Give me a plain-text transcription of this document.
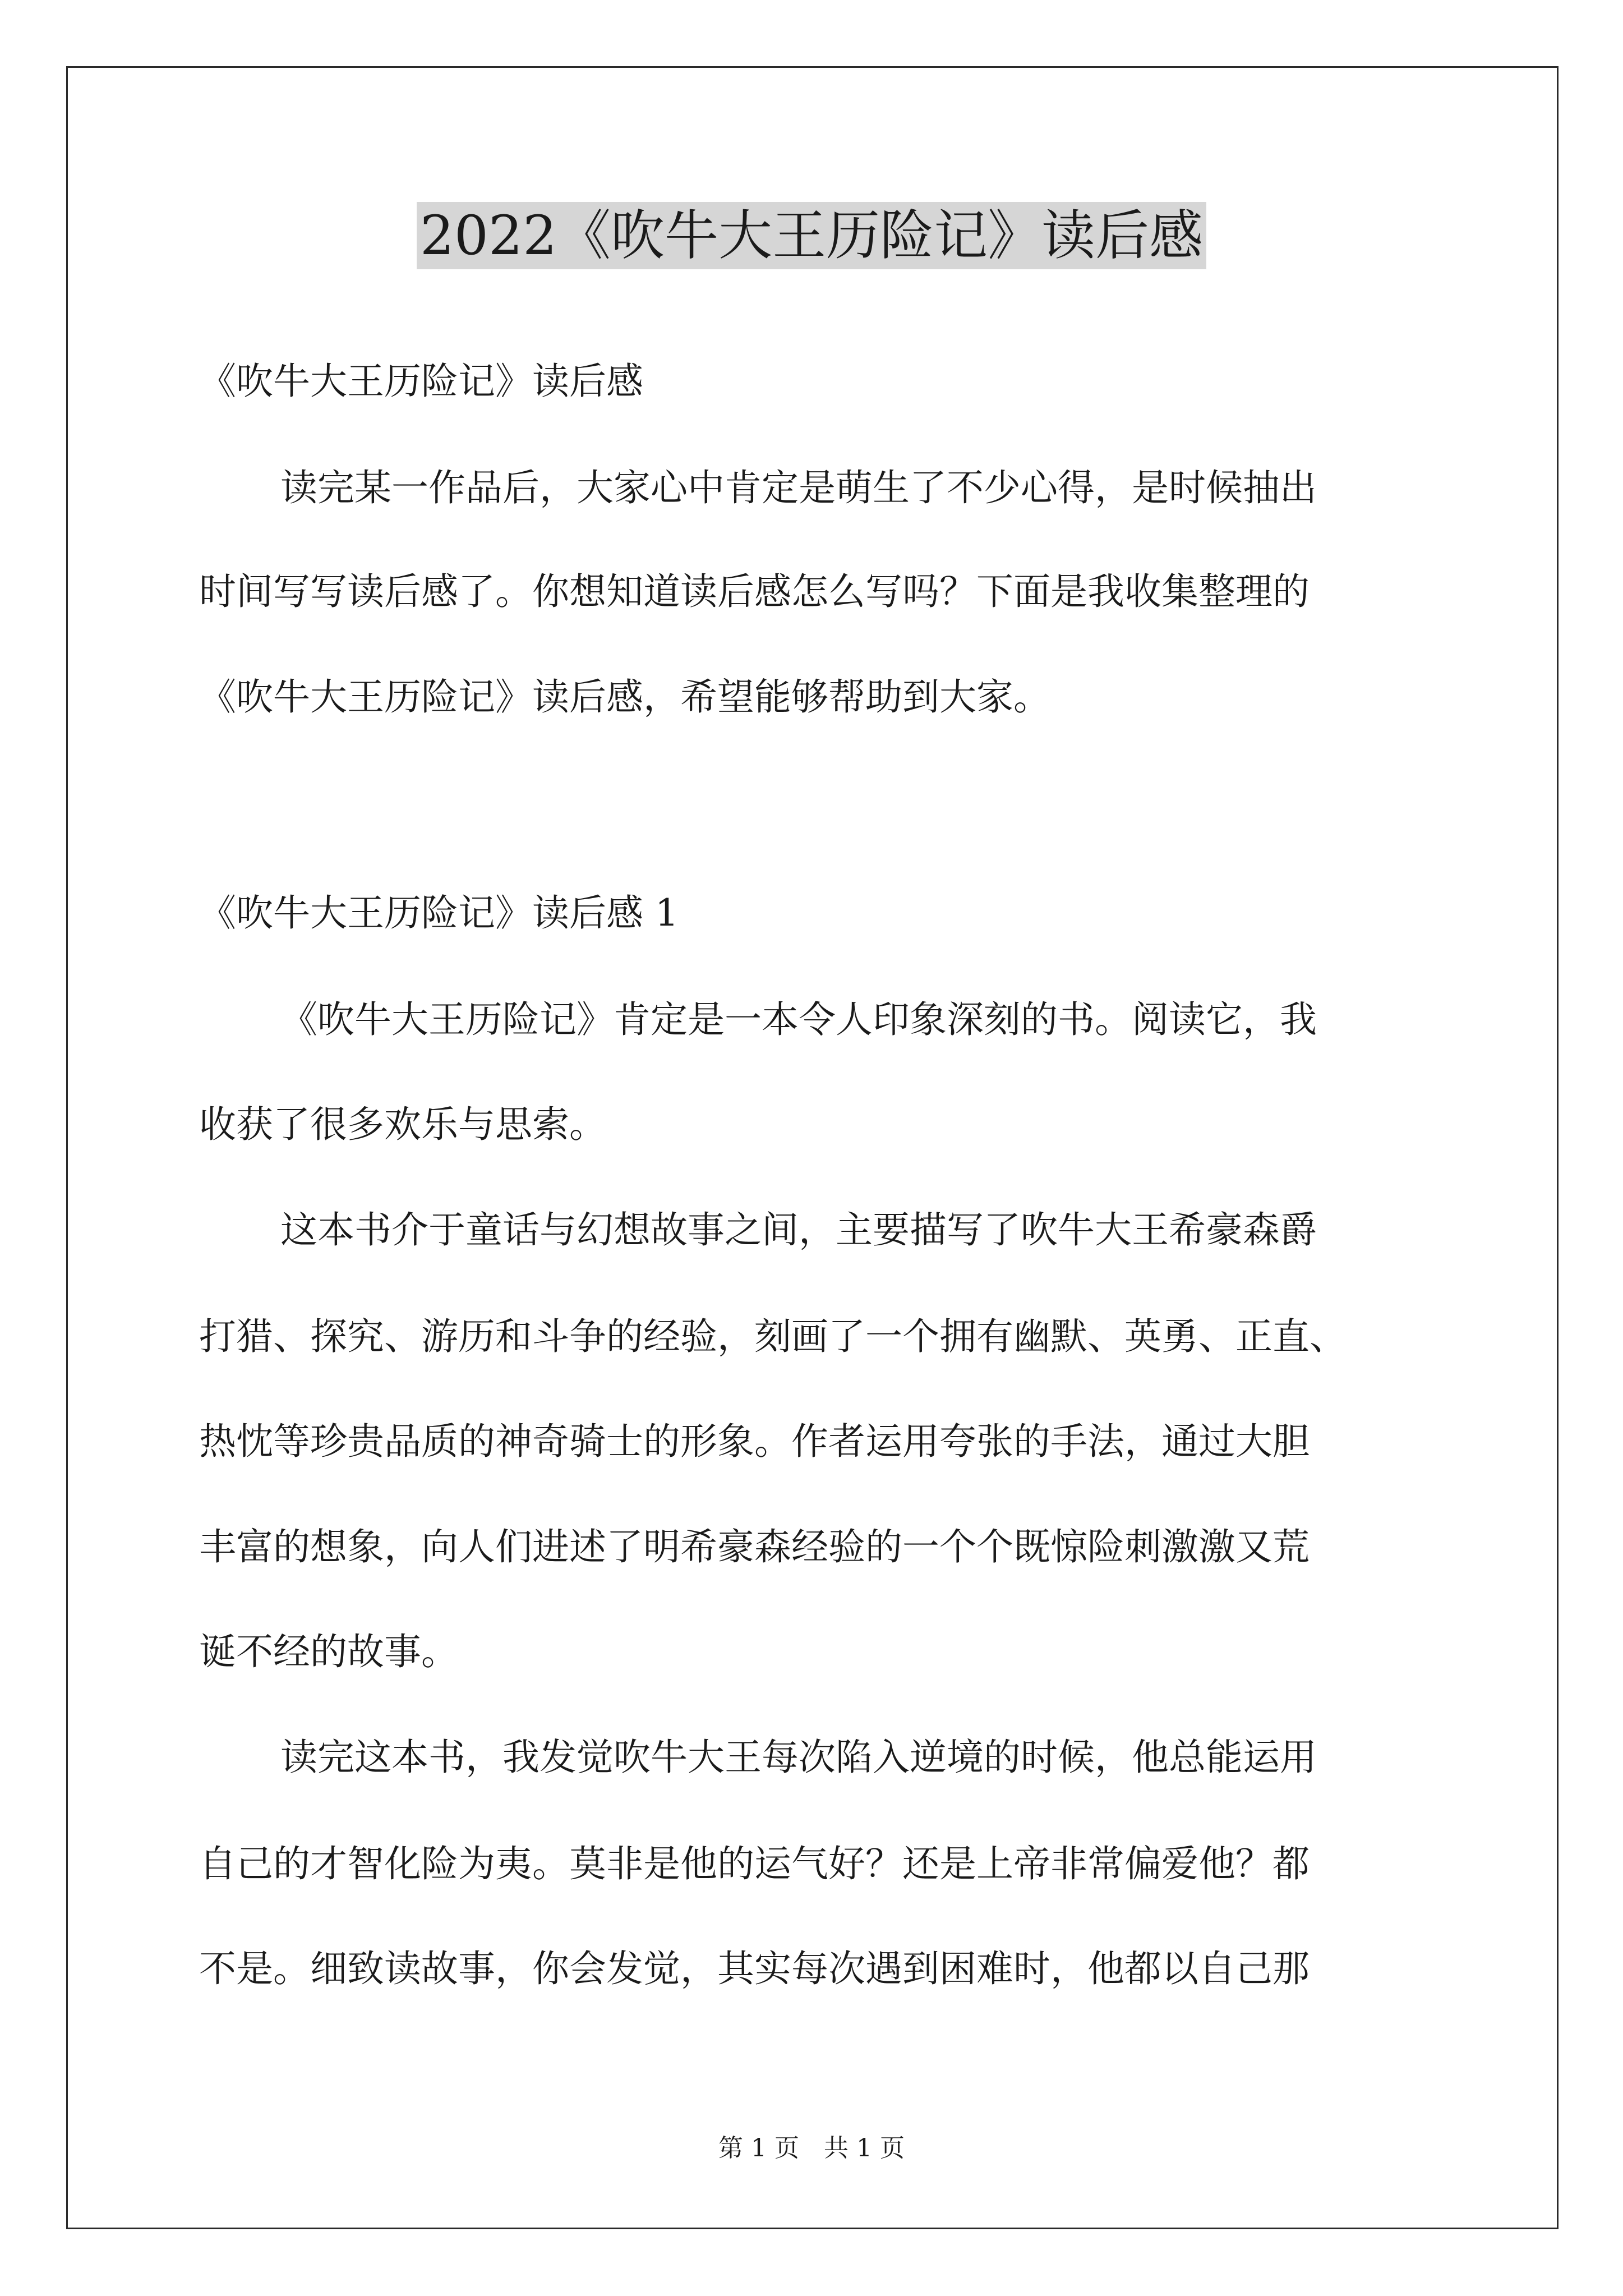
2022《吹牛大王历险记》读后感

《吹牛大王历险记》读后感

读完某一作品后，大家心中肯定是萌生了不少心得，是时候抽出

时间写写读后感了。你想知道读后感怎么写吗？下面是我收集整理的

《吹牛大王历险记》读后感，希望能够帮助到大家。

《吹牛大王历险记》读后感 1

《吹牛大王历险记》肯定是一本令人印象深刻的书。阅读它，我

收获了很多欢乐与思索。

这本书介于童话与幻想故事之间，主要描写了吹牛大王希豪森爵

打猎、探究、游历和斗争的经验，刻画了一个拥有幽默、英勇、正直、

热忱等珍贵品质的神奇骑士的形象。作者运用夸张的手法，通过大胆

丰富的想象，向人们进述了明希豪森经验的一个个既惊险刺激激又荒

诞不经的故事。

读完这本书，我发觉吹牛大王每次陷入逆境的时候，他总能运用

自己的才智化险为夷。莫非是他的运气好？还是上帝非常偏爱他？都

不是。细致读故事，你会发觉，其实每次遇到困难时，他都以自己那

第 1 页　共 1 页
